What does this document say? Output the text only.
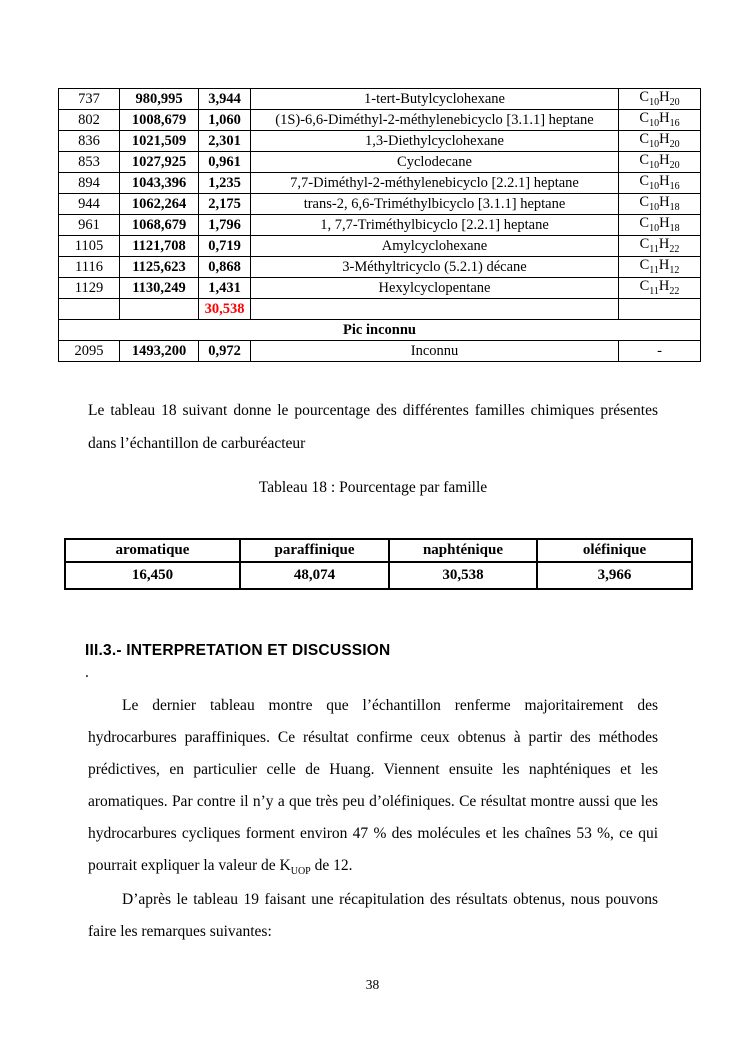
737	980,995	3,944	1-tert-Butylcyclohexane	$C_{10}H_{20}$
802	1008,679	1,060	(1S)-6,6-Diméthyl-2-méthylenebicyclo [3.1.1] heptane	$C_{10}H_{16}$
836	1021,509	2,301	1,3-Diethylcyclohexane	$C_{10}H_{20}$
853	1027,925	0,961	Cyclodecane	$C_{10}H_{20}$
894	1043,396	1,235	7,7-Diméthyl-2-méthylenebicyclo [2.2.1] heptane	$C_{10}H_{16}$
944	1062,264	2,175	trans-2, 6,6-Triméthylbicyclo [3.1.1] heptane	$C_{10}H_{18}$
961	1068,679	1,796	1, 7,7-Triméthylbicyclo [2.2.1] heptane	$C_{10}H_{18}$
1105	1121,708	0,719	Amylcyclohexane	$C_{11}H_{22}$
1116	1125,623	0,868	3-Méthyltricyclo (5.2.1) décane	$C_{11}H_{12}$
1129	1130,249	1,431	Hexylcyclopentane	$C_{11}H_{22}$
		30,538		
Pic inconnu				
2095	1493,200	0,972	Inconnu	-
Le tableau 18 suivant donne le pourcentage des différentes familles chimiques présentes dans l’échantillon de carburéacteur
Tableau 18 : Pourcentage par famille
aromatique	paraffinique	naphténique	oléfinique
16,450	48,074	30,538	3,966
III.3.- INTERPRETATION ET DISCUSSION
.
Le dernier tableau montre que l’échantillon renferme majoritairement des hydrocarbures paraffiniques. Ce résultat confirme ceux obtenus à partir des méthodes prédictives, en particulier celle de Huang. Viennent ensuite les naphténiques et les aromatiques. Par contre il n’y a que très peu d’oléfiniques. Ce résultat montre aussi que les hydrocarbures cycliques forment environ 47 % des molécules et les chaînes 53 %, ce qui pourrait expliquer la valeur de $K_{UOP}$ de 12.
D’après le tableau 19 faisant une récapitulation des résultats obtenus, nous pouvons faire les remarques suivantes:
38
